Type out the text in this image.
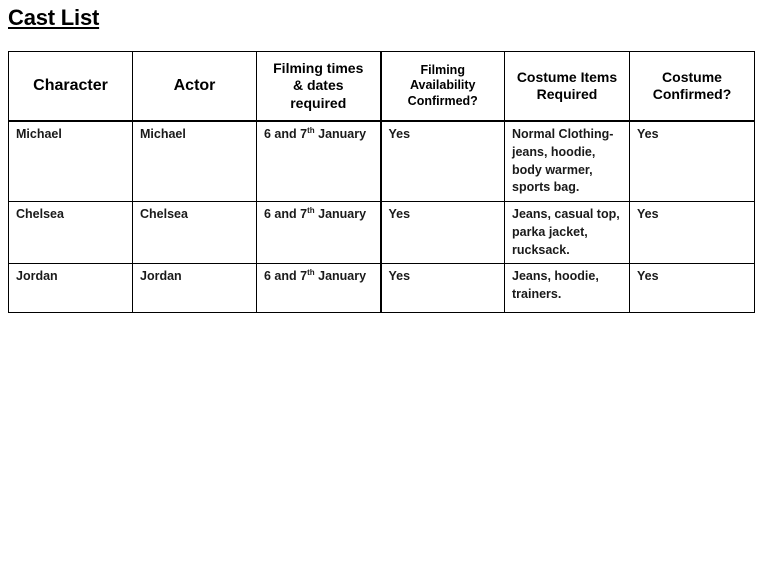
Cast List
Character	Actor	Filming times & dates required	Filming Availability Confirmed?	Costume Items Required	Costume Confirmed?
Michael	Michael	6 and 7th January	Yes	Normal Clothing- jeans, hoodie, body warmer, sports bag.	Yes
Chelsea	Chelsea	6 and 7th January	Yes	Jeans, casual top, parka jacket, rucksack.	Yes
Jordan	Jordan	6 and 7th January	Yes	Jeans, hoodie, trainers.	Yes
